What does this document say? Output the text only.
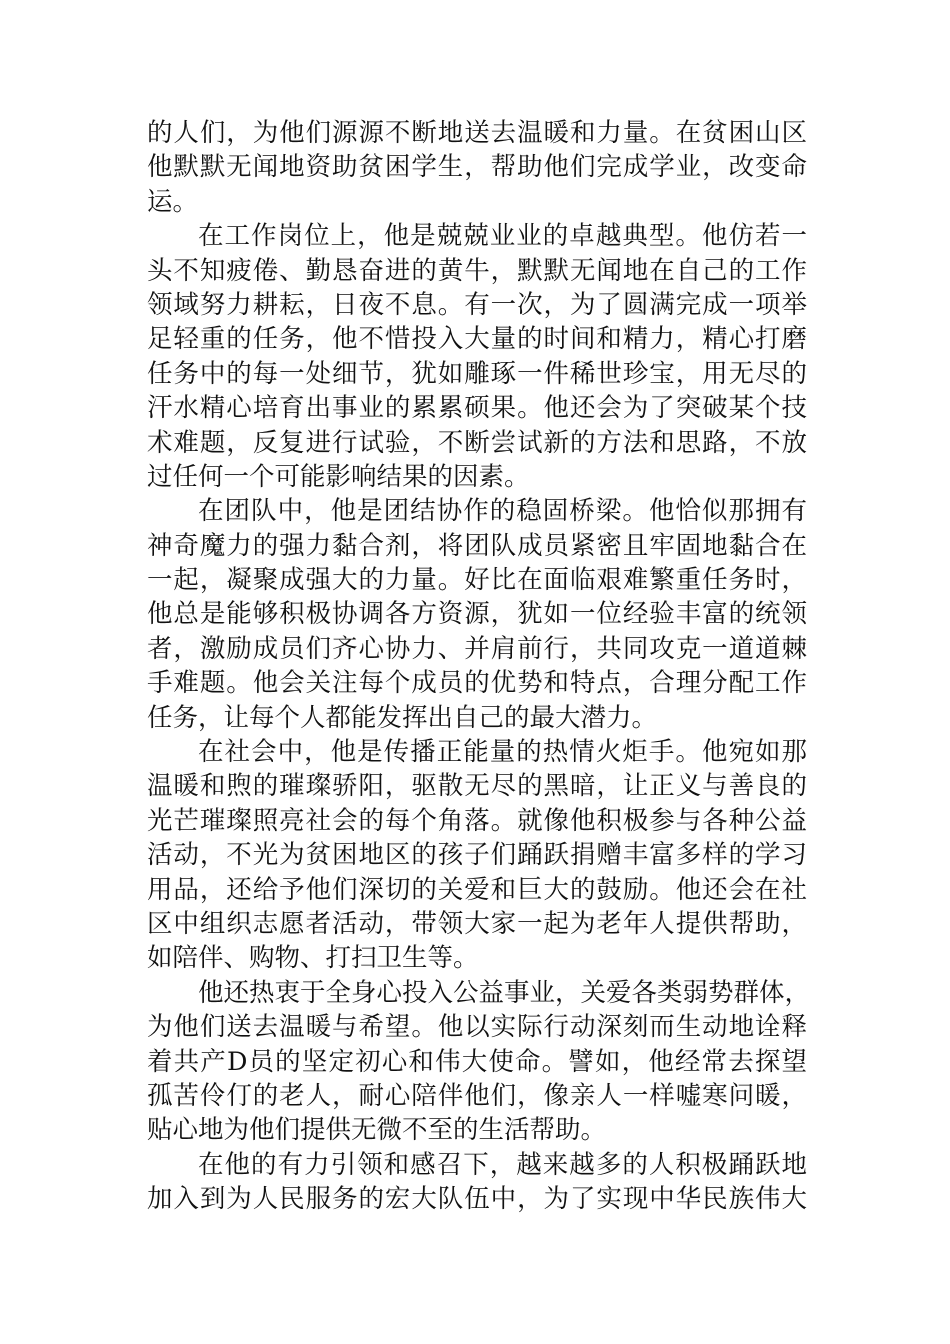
的人们，为他们源源不断地送去温暖和力量。在贫困山区
他默默无闻地资助贫困学生，帮助他们完成学业，改变命
运。
在工作岗位上，他是兢兢业业的卓越典型。他仿若一
头不知疲倦、勤恳奋进的黄牛，默默无闻地在自己的工作
领域努力耕耘，日夜不息。有一次，为了圆满完成一项举
足轻重的任务，他不惜投入大量的时间和精力，精心打磨
任务中的每一处细节，犹如雕琢一件稀世珍宝，用无尽的
汗水精心培育出事业的累累硕果。他还会为了突破某个技
术难题，反复进行试验，不断尝试新的方法和思路，不放
过任何一个可能影响结果的因素。
在团队中，他是团结协作的稳固桥梁。他恰似那拥有
神奇魔力的强力黏合剂，将团队成员紧密且牢固地黏合在
一起，凝聚成强大的力量。好比在面临艰难繁重任务时，
他总是能够积极协调各方资源，犹如一位经验丰富的统领
者，激励成员们齐心协力、并肩前行，共同攻克一道道棘
手难题。他会关注每个成员的优势和特点，合理分配工作
任务，让每个人都能发挥出自己的最大潜力。
在社会中，他是传播正能量的热情火炬手。他宛如那
温暖和煦的璀璨骄阳，驱散无尽的黑暗，让正义与善良的
光芒璀璨照亮社会的每个角落。就像他积极参与各种公益
活动，不光为贫困地区的孩子们踊跃捐赠丰富多样的学习
用品，还给予他们深切的关爱和巨大的鼓励。他还会在社
区中组织志愿者活动，带领大家一起为老年人提供帮助，
如陪伴、购物、打扫卫生等。
他还热衷于全身心投入公益事业，关爱各类弱势群体，
为他们送去温暖与希望。他以实际行动深刻而生动地诠释
着共产D员的坚定初心和伟大使命。譬如，他经常去探望
孤苦伶仃的老人，耐心陪伴他们，像亲人一样嘘寒问暖，
贴心地为他们提供无微不至的生活帮助。
在他的有力引领和感召下，越来越多的人积极踊跃地
加入到为人民服务的宏大队伍中，为了实现中华民族伟大
